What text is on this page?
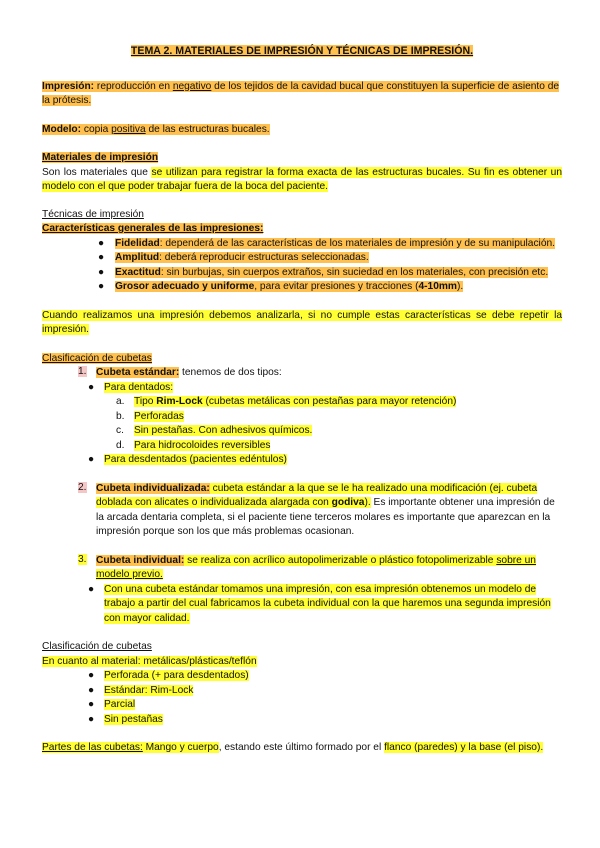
TEMA 2. MATERIALES DE IMPRESIÓN Y TÉCNICAS DE IMPRESIÓN.

Impresión: reproducción en negativo de los tejidos de la cavidad bucal que constituyen la superficie de asiento de la prótesis.

Modelo: copia positiva de las estructuras bucales.

Materiales de impresión

Son los materiales que se utilizan para registrar la forma exacta de las estructuras bucales. Su fin es obtener un modelo con el que poder trabajar fuera de la boca del paciente.

Técnicas de impresión

Características generales de las impresiones:

● Fidelidad: dependerá de las características de los materiales de impresión y de su manipulación.
● Amplitud: deberá reproducir estructuras seleccionadas.
● Exactitud: sin burbujas, sin cuerpos extraños, sin suciedad en los materiales, con precisión etc.
● Grosor adecuado y uniforme, para evitar presiones y tracciones (4-10mm).

Cuando realizamos una impresión debemos analizarla, si no cumple estas características se debe repetir la impresión.

Clasificación de cubetas

1. Cubeta estándar: tenemos de dos tipos:

● Para dentados:
a. Tipo Rim-Lock (cubetas metálicas con pestañas para mayor retención)
b. Perforadas
c. Sin pestañas. Con adhesivos químicos.
d. Para hidrocoloides reversibles
● Para desdentados (pacientes edéntulos)
2. Cubeta individualizada: cubeta estándar a la que se le ha realizado una modificación (ej. cubeta doblada con alicates o individualizada alargada con godiva). Es importante obtener una impresión de la arcada dentaria completa, si el paciente tiene terceros molares es importante que aparezcan en la impresión porque son los que más problemas ocasionan.

3. Cubeta individual: se realiza con acrílico autopolimerizable o plástico fotopolimerizable sobre un modelo previo.

● Con una cubeta estándar tomamos una impresión, con esa impresión obtenemos un modelo de trabajo a partir del cual fabricamos la cubeta individual con la que haremos una segunda impresión con mayor calidad.

Clasificación de cubetas

En cuanto al material: metálicas/plásticas/teflón

● Perforada (+ para desdentados)
● Estándar: Rim-Lock
● Parcial
● Sin pestañas

Partes de las cubetas: Mango y cuerpo, estando este último formado por el flanco (paredes) y la base (el piso).
